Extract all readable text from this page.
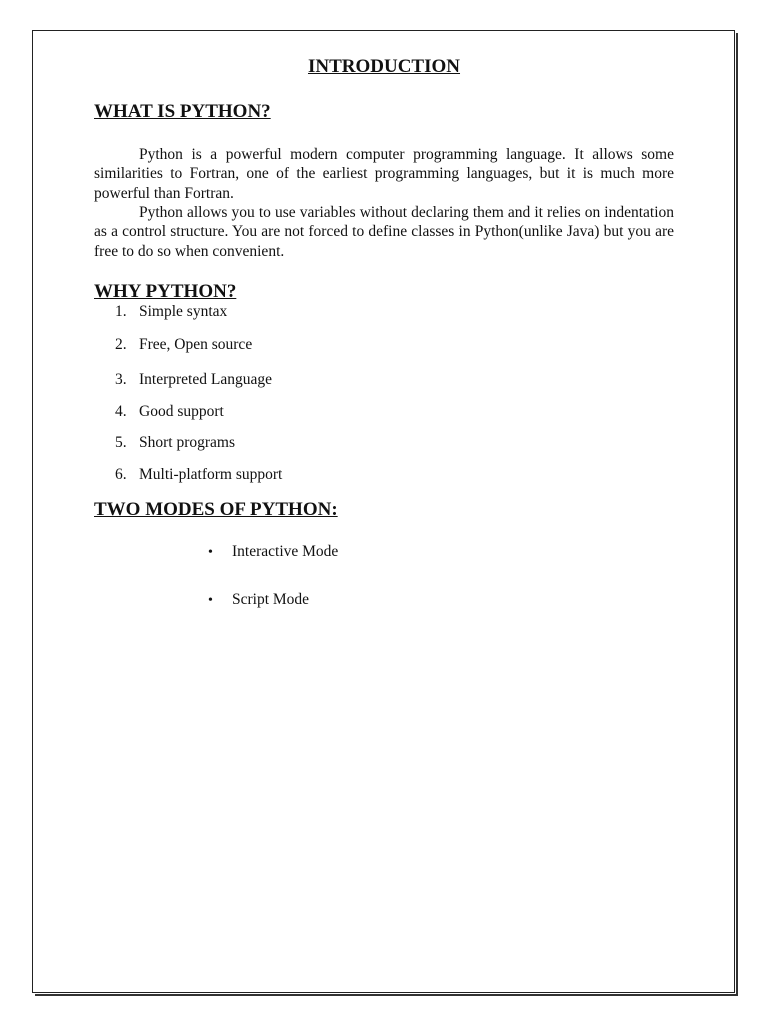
INTRODUCTION
WHAT IS PYTHON?

Python is a powerful modern computer programming language. It allows some similarities to Fortran, one of the earliest programming languages, but it is much more powerful than Fortran.

Python allows you to use variables without declaring them and it relies on indentation as a control structure. You are not forced to define classes in Python(unlike Java) but you are free to do so when convenient.

WHY PYTHON?
1. Simple syntax
2. Free, Open source
3. Interpreted Language
4. Good support
5. Short programs
6. Multi-platform support
TWO MODES OF PYTHON:
• Interactive Mode
• Script Mode
